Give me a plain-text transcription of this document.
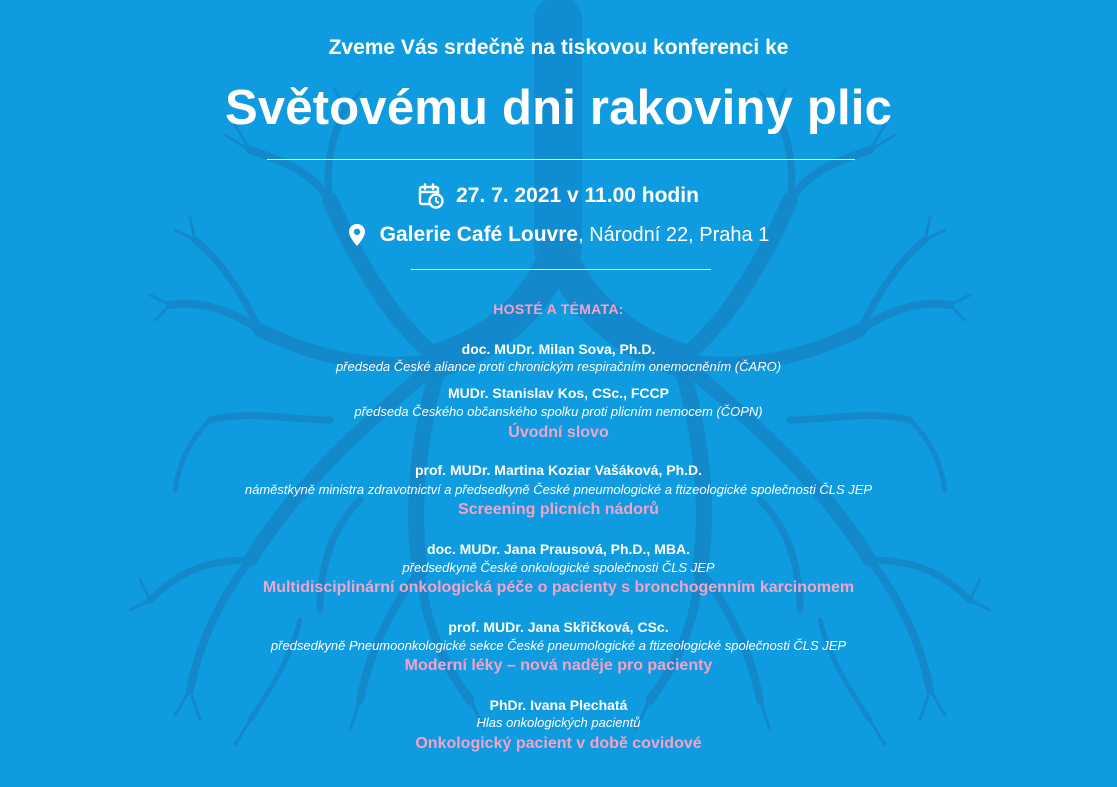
Zveme Vás srdečně na tiskovou konferenci ke
Světovému dni rakoviny plic
27. 7. 2021 v 11.00 hodin
Galerie Café Louvre, Národní 22, Praha 1
HOSTÉ A TÉMATA:
doc. MUDr. Milan Sova, Ph.D.
předseda České aliance proti chronickým respiračním onemocněním (ČARO)
MUDr. Stanislav Kos, CSc., FCCP
předseda Českého občanského spolku proti plicním nemocem (ČOPN)
Úvodní slovo
prof. MUDr. Martina Koziar Vašáková, Ph.D.
náměstkyně ministra zdravotnictví a předsedkyně České pneumologické a ftizeologické společnosti ČLS JEP
Screening plicních nádorů
doc. MUDr. Jana Prausová, Ph.D., MBA.
předsedkyně České onkologické společnosti ČLS JEP
Multidisciplinární onkologická péče o pacienty s bronchogenním karcinomem
prof. MUDr. Jana Skřičková, CSc.
předsedkyně Pneumoonkologické sekce České pneumologické a ftizeologické společnosti ČLS JEP
Moderní léky – nová naděje pro pacienty
PhDr. Ivana Plechatá
Hlas onkologických pacientů
Onkologický pacient v době covidové
